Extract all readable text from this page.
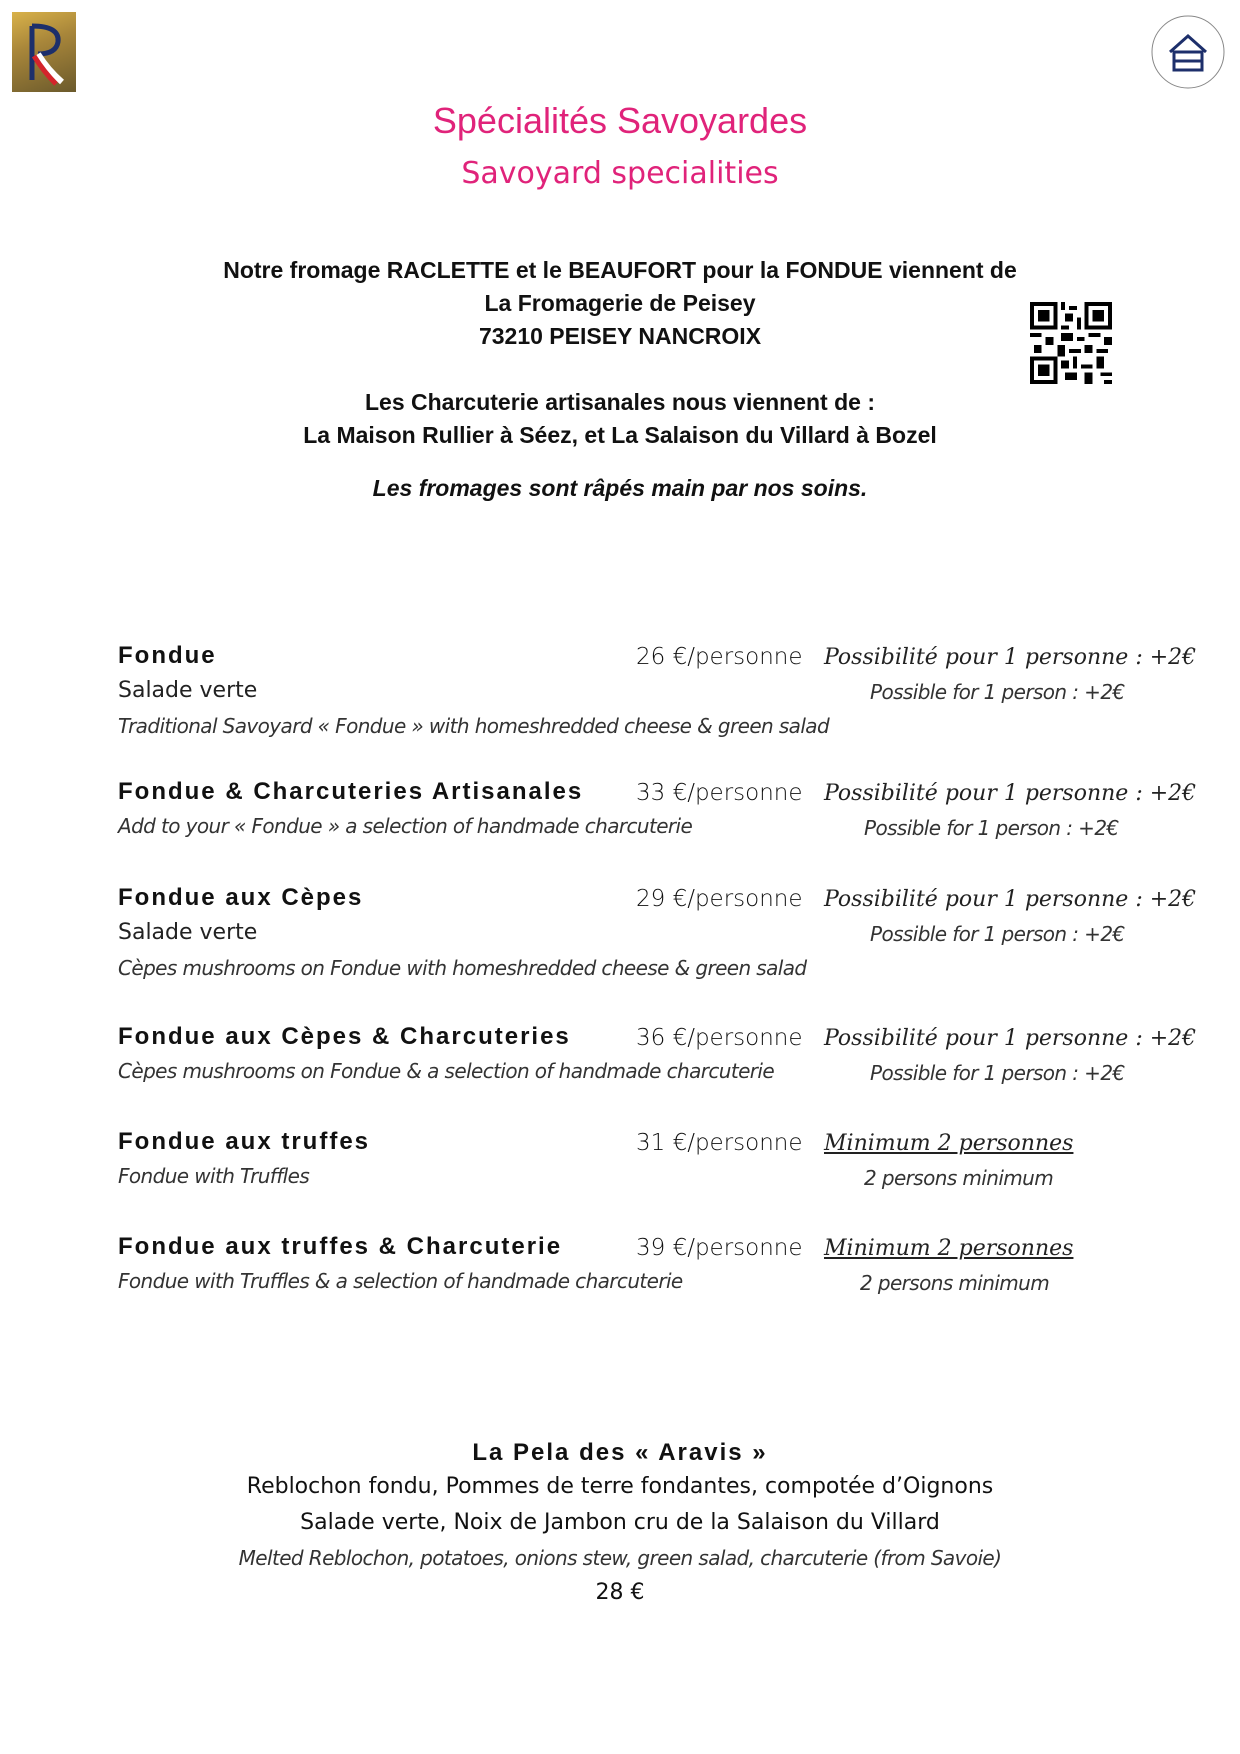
Spécialités Savoyardes
Savoyard specialities
Notre fromage RACLETTE et le BEAUFORT pour la FONDUE viennent de
La Fromagerie de Peisey
73210 PEISEY NANCROIX
Les Charcuterie artisanales nous viennent de :
La Maison Rullier à Séez, et La Salaison du Villard à Bozel
Les fromages sont râpés main par nos soins.
Fondue	26 €/personne Possibilité pour 1 personne : +2€
Salade verte	Possible for 1 person : +2€
Traditional Savoyard « Fondue » with homeshredded cheese & green salad
Fondue & Charcuteries Artisanales 33 €/personne Possibilité pour 1 personne : +2€
Add to your « Fondue » a selection of handmade charcuterie	Possible for 1 person : +2€
Fondue aux Cèpes	29 €/personne Possibilité pour 1 personne : +2€
Salade verte	Possible for 1 person : +2€
Cèpes mushrooms on Fondue with homeshredded cheese & green salad
Fondue aux Cèpes & Charcuteries	36 €/personne Possibilité pour 1 personne : +2€
Cèpes mushrooms on Fondue & a selection of handmade charcuterie	Possible for 1 person : +2€
Fondue aux truffes	31 €/personne Minimum 2 personnes
Fondue with Truffles	2 persons minimum
Fondue aux truffes & Charcuterie	39 €/personne Minimum 2 personnes
Fondue with Truffles & a selection of handmade charcuterie	2 persons minimum
La Pela des « Aravis »
Reblochon fondu, Pommes de terre fondantes, compotée d’Oignons
Salade verte, Noix de Jambon cru de la Salaison du Villard
Melted Reblochon, potatoes, onions stew, green salad, charcuterie (from Savoie)
28 €
